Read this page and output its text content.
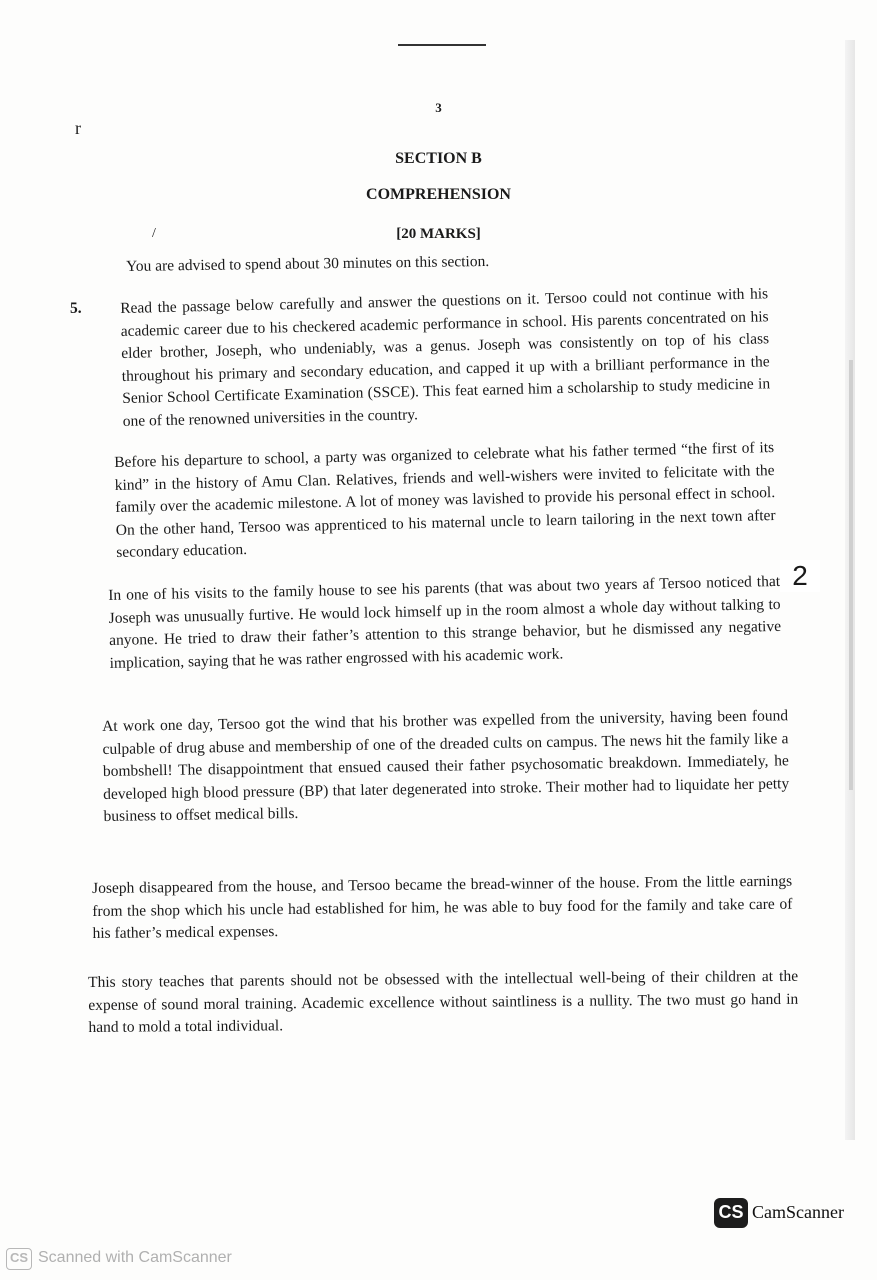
r
/
3
SECTION B
COMPREHENSION
[20 MARKS]
You are advised to spend about 30 minutes on this section.
5. Read the passage below carefully and answer the questions on it. Tersoo could not continue with his academic career due to his checkered academic performance in school. His parents concentrated on his elder brother, Joseph, who undeniably, was a genus. Joseph was consistently on top of his class throughout his primary and secondary education, and capped it up with a brilliant performance in the Senior School Certificate Examination (SSCE). This feat earned him a scholarship to study medicine in one of the renowned universities in the country.

Before his departure to school, a party was organized to celebrate what his father termed “the first of its kind” in the history of Amu Clan. Relatives, friends and well-wishers were invited to felicitate with the family over the academic milestone. A lot of money was lavished to provide his personal effect in school. On the other hand, Tersoo was apprenticed to his maternal uncle to learn tailoring in the next town after secondary education.

In one of his visits to the family house to see his parents (that was about two years af Tersoo noticed that Joseph was unusually furtive. He would lock himself up in the room almost a whole day without talking to anyone. He tried to draw their father’s attention to this strange behavior, but he dismissed any negative implication, saying that he was rather engrossed with his academic work.

At work one day, Tersoo got the wind that his brother was expelled from the university, having been found culpable of drug abuse and membership of one of the dreaded cults on campus. The news hit the family like a bombshell! The disappointment that ensued caused their father psychosomatic breakdown. Immediately, he developed high blood pressure (BP) that later degenerated into stroke. Their mother had to liquidate her petty business to offset medical bills.

Joseph disappeared from the house, and Tersoo became the bread-winner of the house. From the little earnings from the shop which his uncle had established for him, he was able to buy food for the family and take care of his father’s medical expenses.

This story teaches that parents should not be obsessed with the intellectual well-being of their children at the expense of sound moral training. Academic excellence without saintliness is a nullity. The two must go hand in hand to mold a total individual.

2
CS CamScanner
CS Scanned with CamScanner
